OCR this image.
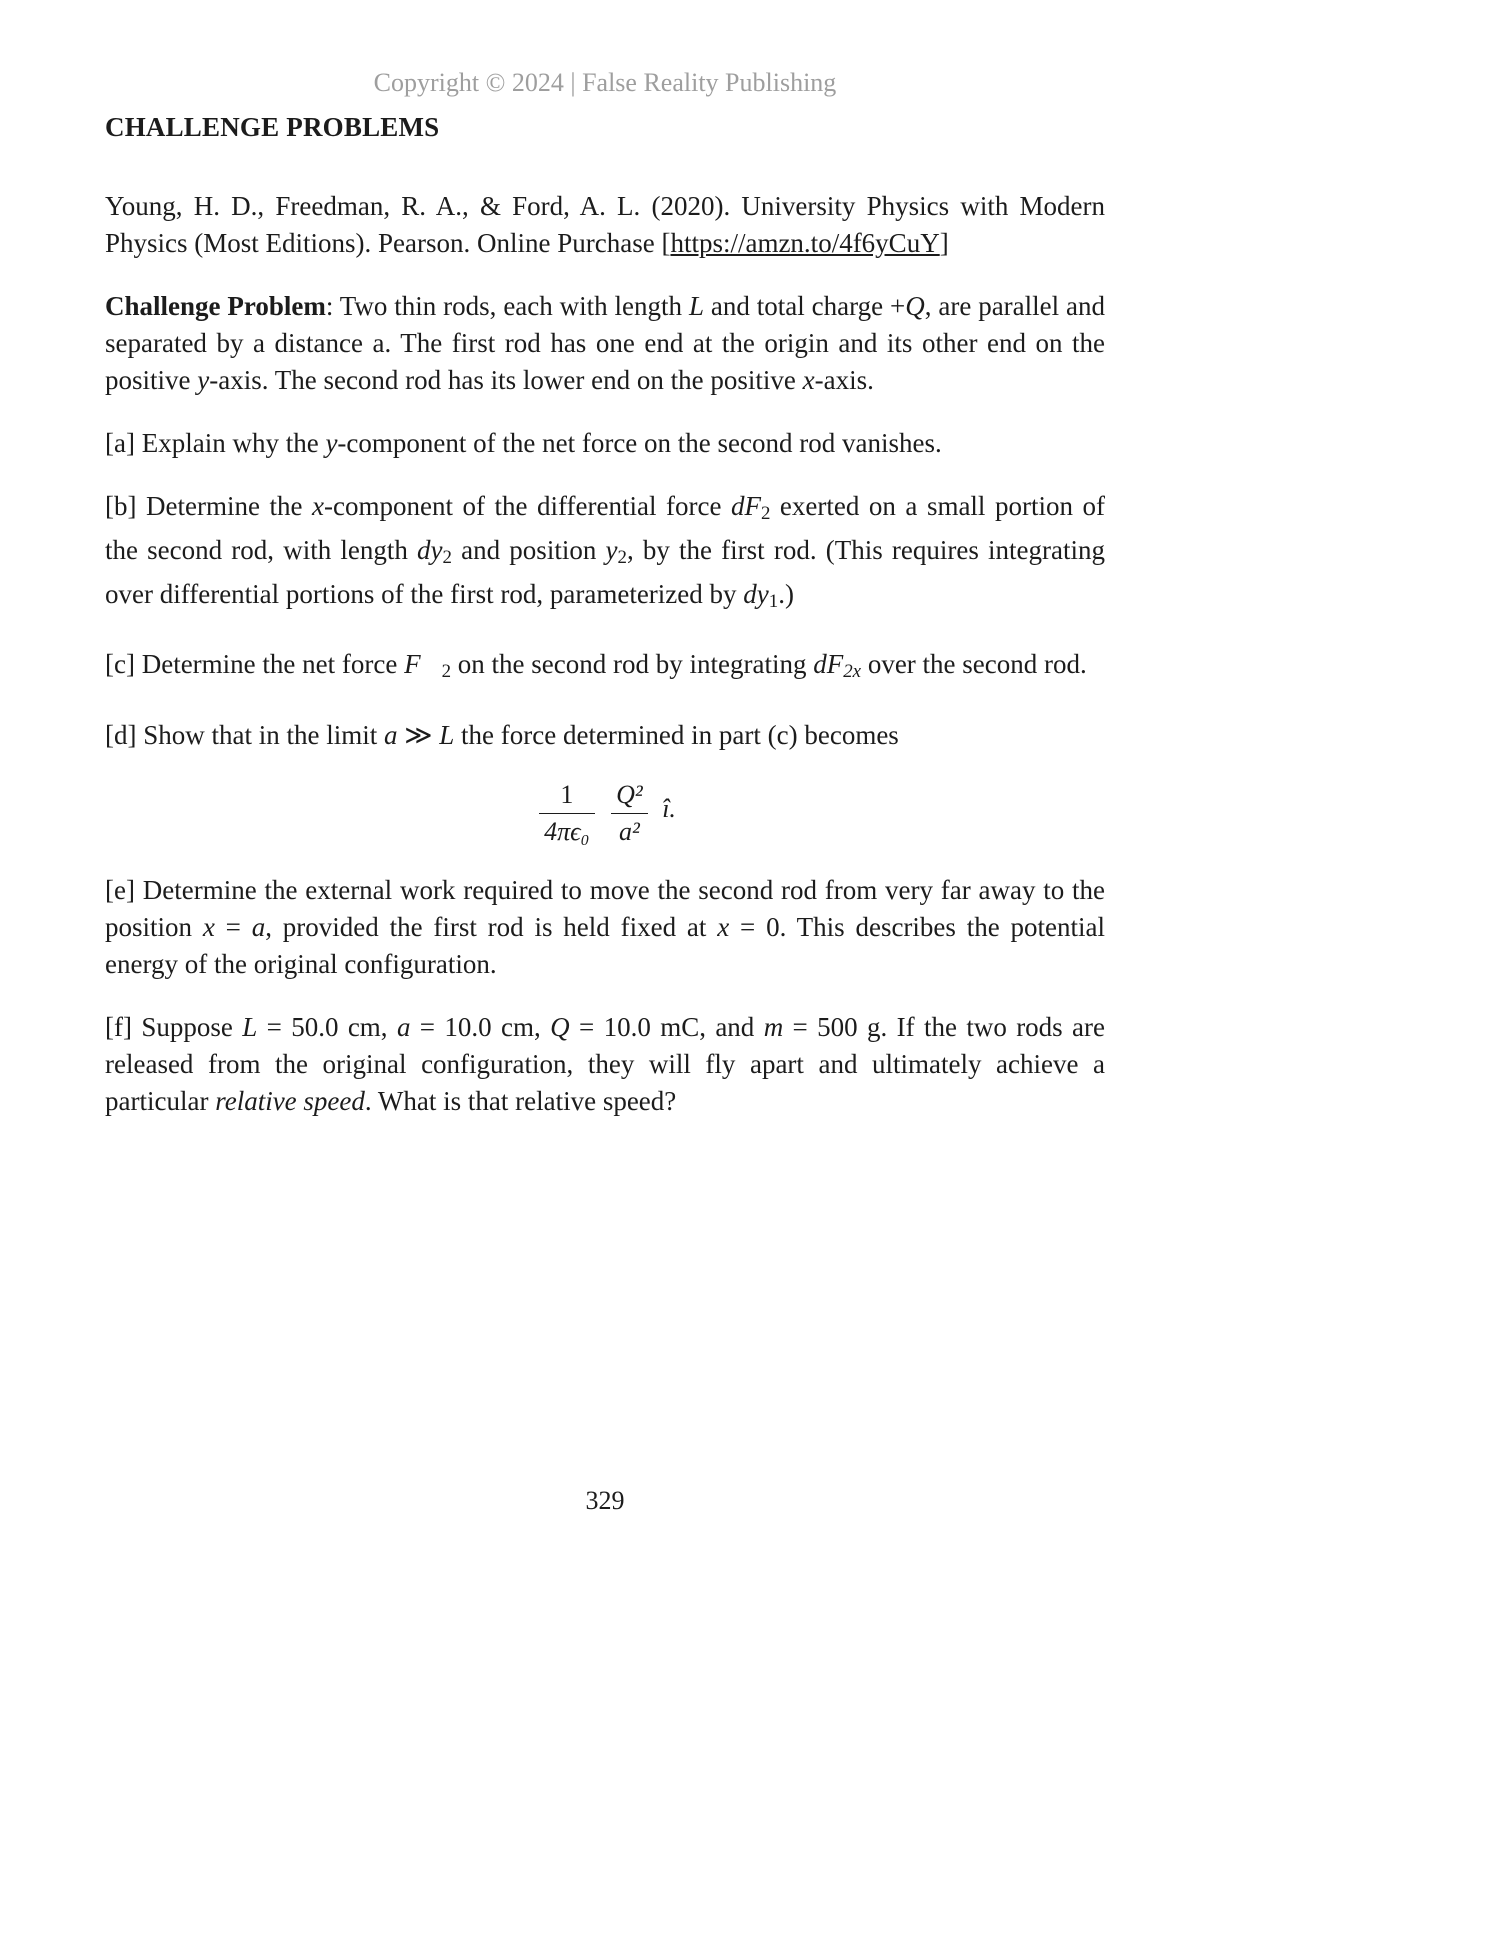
Copyright © 2024 | False Reality Publishing
CHALLENGE PROBLEMS

Young, H. D., Freedman, R. A., & Ford, A. L. (2020). University Physics with Modern Physics (Most Editions). Pearson. Online Purchase [https://amzn.to/4f6yCuY]

Challenge Problem: Two thin rods, each with length L and total charge +Q, are parallel and separated by a distance a. The first rod has one end at the origin and its other end on the positive y-axis. The second rod has its lower end on the positive x-axis.

[a] Explain why the y-component of the net force on the second rod vanishes.

[b] Determine the x-component of the differential force dF2 exerted on a small portion of the second rod, with length dy2 and position y2, by the first rod. (This requires integrating over differential portions of the first rod, parameterized by dy1.)

[c] Determine the net force F⃗2 on the second rod by integrating dF2x over the second rod.

[d] Show that in the limit a ≫ L the force determined in part (c) becomes

$\frac{1}{\text{4πϵ₀}}$
$\frac{\text{Q²}}{\text{a²}}$ î.

[e] Determine the external work required to move the second rod from very far away to the position x = a, provided the first rod is held fixed at x = 0. This describes the potential energy of the original configuration.

[f] Suppose L = 50.0 cm, a = 10.0 cm, Q = 10.0 mC, and m = 500 g. If the two rods are released from the original configuration, they will fly apart and ultimately achieve a particular relative speed. What is that relative speed?

329
